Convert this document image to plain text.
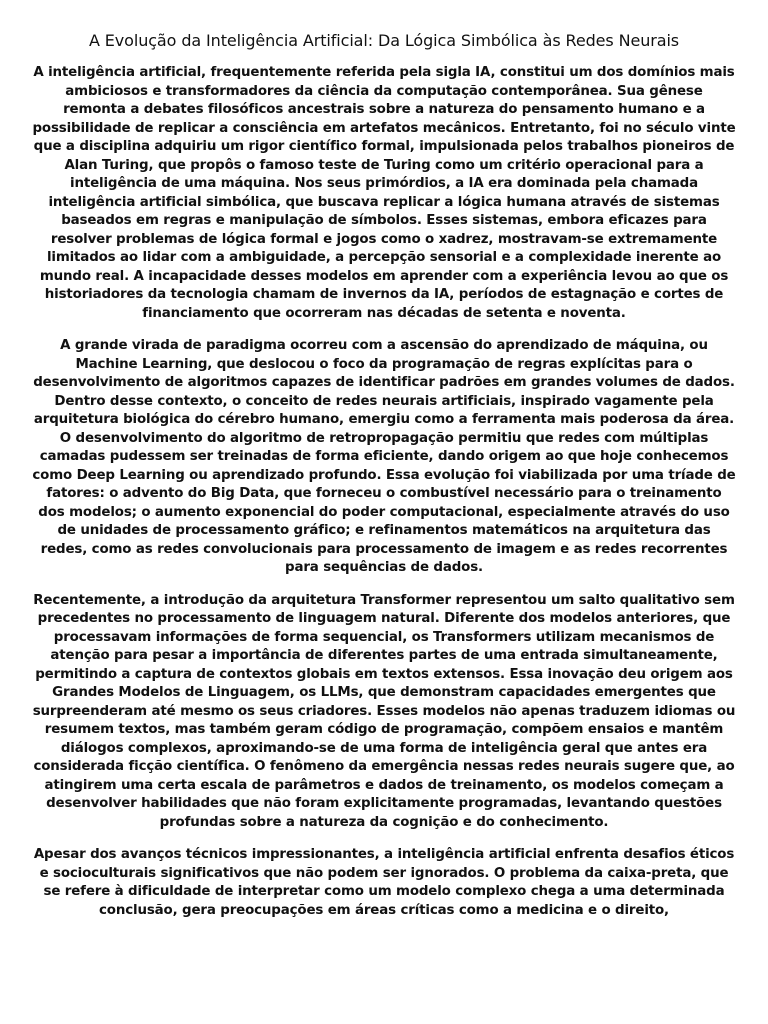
A Evolução da Inteligência Artificial: Da Lógica Simbólica às Redes Neurais

A inteligência artificial, frequentemente referida pela sigla IA, constitui um dos domínios mais ambiciosos e transformadores da ciência da computação contemporânea. Sua gênese remonta a debates filosóficos ancestrais sobre a natureza do pensamento humano e a possibilidade de replicar a consciência em artefatos mecânicos. Entretanto, foi no século vinte que a disciplina adquiriu um rigor científico formal, impulsionada pelos trabalhos pioneiros de Alan Turing, que propôs o famoso teste de Turing como um critério operacional para a inteligência de uma máquina. Nos seus primórdios, a IA era dominada pela chamada inteligência artificial simbólica, que buscava replicar a lógica humana através de sistemas baseados em regras e manipulação de símbolos. Esses sistemas, embora eficazes para resolver problemas de lógica formal e jogos como o xadrez, mostravam-se extremamente limitados ao lidar com a ambiguidade, a percepção sensorial e a complexidade inerente ao mundo real. A incapacidade desses modelos em aprender com a experiência levou ao que os historiadores da tecnologia chamam de invernos da IA, períodos de estagnação e cortes de financiamento que ocorreram nas décadas de setenta e noventa.

A grande virada de paradigma ocorreu com a ascensão do aprendizado de máquina, ou Machine Learning, que deslocou o foco da programação de regras explícitas para o desenvolvimento de algoritmos capazes de identificar padrões em grandes volumes de dados. Dentro desse contexto, o conceito de redes neurais artificiais, inspirado vagamente pela arquitetura biológica do cérebro humano, emergiu como a ferramenta mais poderosa da área. O desenvolvimento do algoritmo de retropropagação permitiu que redes com múltiplas camadas pudessem ser treinadas de forma eficiente, dando origem ao que hoje conhecemos como Deep Learning ou aprendizado profundo. Essa evolução foi viabilizada por uma tríade de fatores: o advento do Big Data, que forneceu o combustível necessário para o treinamento dos modelos; o aumento exponencial do poder computacional, especialmente através do uso de unidades de processamento gráfico; e refinamentos matemáticos na arquitetura das redes, como as redes convolucionais para processamento de imagem e as redes recorrentes para sequências de dados.

Recentemente, a introdução da arquitetura Transformer representou um salto qualitativo sem precedentes no processamento de linguagem natural. Diferente dos modelos anteriores, que processavam informações de forma sequencial, os Transformers utilizam mecanismos de atenção para pesar a importância de diferentes partes de uma entrada simultaneamente, permitindo a captura de contextos globais em textos extensos. Essa inovação deu origem aos Grandes Modelos de Linguagem, os LLMs, que demonstram capacidades emergentes que surpreenderam até mesmo os seus criadores. Esses modelos não apenas traduzem idiomas ou resumem textos, mas também geram código de programação, compõem ensaios e mantêm diálogos complexos, aproximando-se de uma forma de inteligência geral que antes era considerada ficção científica. O fenômeno da emergência nessas redes neurais sugere que, ao atingirem uma certa escala de parâmetros e dados de treinamento, os modelos começam a desenvolver habilidades que não foram explicitamente programadas, levantando questões profundas sobre a natureza da cognição e do conhecimento.

Apesar dos avanços técnicos impressionantes, a inteligência artificial enfrenta desafios éticos e socioculturais significativos que não podem ser ignorados. O problema da caixa-preta, que se refere à dificuldade de interpretar como um modelo complexo chega a uma determinada conclusão, gera preocupações em áreas críticas como a medicina e o direito,
